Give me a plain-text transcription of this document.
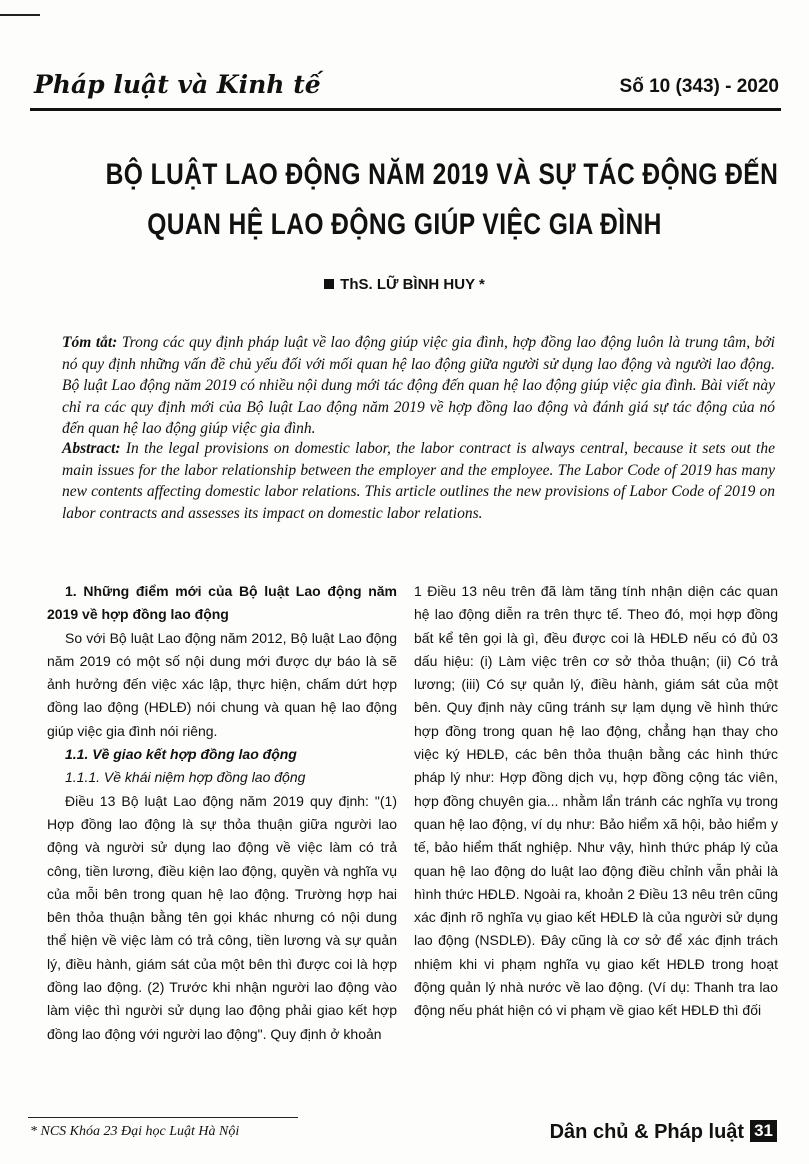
Pháp luật và Kinh tế	Số 10 (343) - 2020
BỘ LUẬT LAO ĐỘNG NĂM 2019 VÀ SỰ TÁC ĐỘNG ĐẾN
QUAN HỆ LAO ĐỘNG GIÚP VIỆC GIA ĐÌNH
ThS. LỮ BÌNH HUY *
Tóm tắt: Trong các quy định pháp luật về lao động giúp việc gia đình, hợp đồng lao động luôn là trung tâm, bởi nó quy định những vấn đề chủ yếu đối với mối quan hệ lao động giữa người sử dụng lao động và người lao động. Bộ luật Lao động năm 2019 có nhiều nội dung mới tác động đến quan hệ lao động giúp việc gia đình. Bài viết này chỉ ra các quy định mới của Bộ luật Lao động năm 2019 về hợp đồng lao động và đánh giá sự tác động của nó đến quan hệ lao động giúp việc gia đình.
Abstract: In the legal provisions on domestic labor, the labor contract is always central, because it sets out the main issues for the labor relationship between the employer and the employee. The Labor Code of 2019 has many new contents affecting domestic labor relations. This article outlines the new provisions of Labor Code of 2019 on labor contracts and assesses its impact on domestic labor relations.

1. Những điểm mới của Bộ luật Lao động năm 2019 về hợp đồng lao động

So với Bộ luật Lao động năm 2012, Bộ luật Lao động năm 2019 có một số nội dung mới được dự báo là sẽ ảnh hưởng đến việc xác lập, thực hiện, chấm dứt hợp đồng lao động (HĐLĐ) nói chung và quan hệ lao động giúp việc gia đình nói riêng.

1.1. Về giao kết hợp đồng lao động

1.1.1. Về khái niệm hợp đồng lao động

Điều 13 Bộ luật Lao động năm 2019 quy định: "(1) Hợp đồng lao động là sự thỏa thuận giữa người lao động và người sử dụng lao động về việc làm có trả công, tiền lương, điều kiện lao động, quyền và nghĩa vụ của mỗi bên trong quan hệ lao động. Trường hợp hai bên thỏa thuận bằng tên gọi khác nhưng có nội dung thể hiện về việc làm có trả công, tiền lương và sự quản lý, điều hành, giám sát của một bên thì được coi là hợp đồng lao động. (2) Trước khi nhận người lao động vào làm việc thì người sử dụng lao động phải giao kết hợp đồng lao động với người lao động". Quy định ở khoản

1 Điều 13 nêu trên đã làm tăng tính nhận diện các quan hệ lao động diễn ra trên thực tế. Theo đó, mọi hợp đồng bất kể tên gọi là gì, đều được coi là HĐLĐ nếu có đủ 03 dấu hiệu: (i) Làm việc trên cơ sở thỏa thuận; (ii) Có trả lương; (iii) Có sự quản lý, điều hành, giám sát của một bên. Quy định này cũng tránh sự lạm dụng về hình thức hợp đồng trong quan hệ lao động, chẳng hạn thay cho việc ký HĐLĐ, các bên thỏa thuận bằng các hình thức pháp lý như: Hợp đồng dịch vụ, hợp đồng cộng tác viên, hợp đồng chuyên gia... nhằm lẩn tránh các nghĩa vụ trong quan hệ lao động, ví dụ như: Bảo hiểm xã hội, bảo hiểm y tế, bảo hiểm thất nghiệp. Như vậy, hình thức pháp lý của quan hệ lao động do luật lao động điều chỉnh vẫn phải là hình thức HĐLĐ. Ngoài ra, khoản 2 Điều 13 nêu trên cũng xác định rõ nghĩa vụ giao kết HĐLĐ là của người sử dụng lao động (NSDLĐ). Đây cũng là cơ sở để xác định trách nhiệm khi vi phạm nghĩa vụ giao kết HĐLĐ trong hoạt động quản lý nhà nước về lao động. (Ví dụ: Thanh tra lao động nếu phát hiện có vi phạm về giao kết HĐLĐ thì đối

* NCS Khóa 23 Đại học Luật Hà Nội	Dân chủ & Pháp luật 31
